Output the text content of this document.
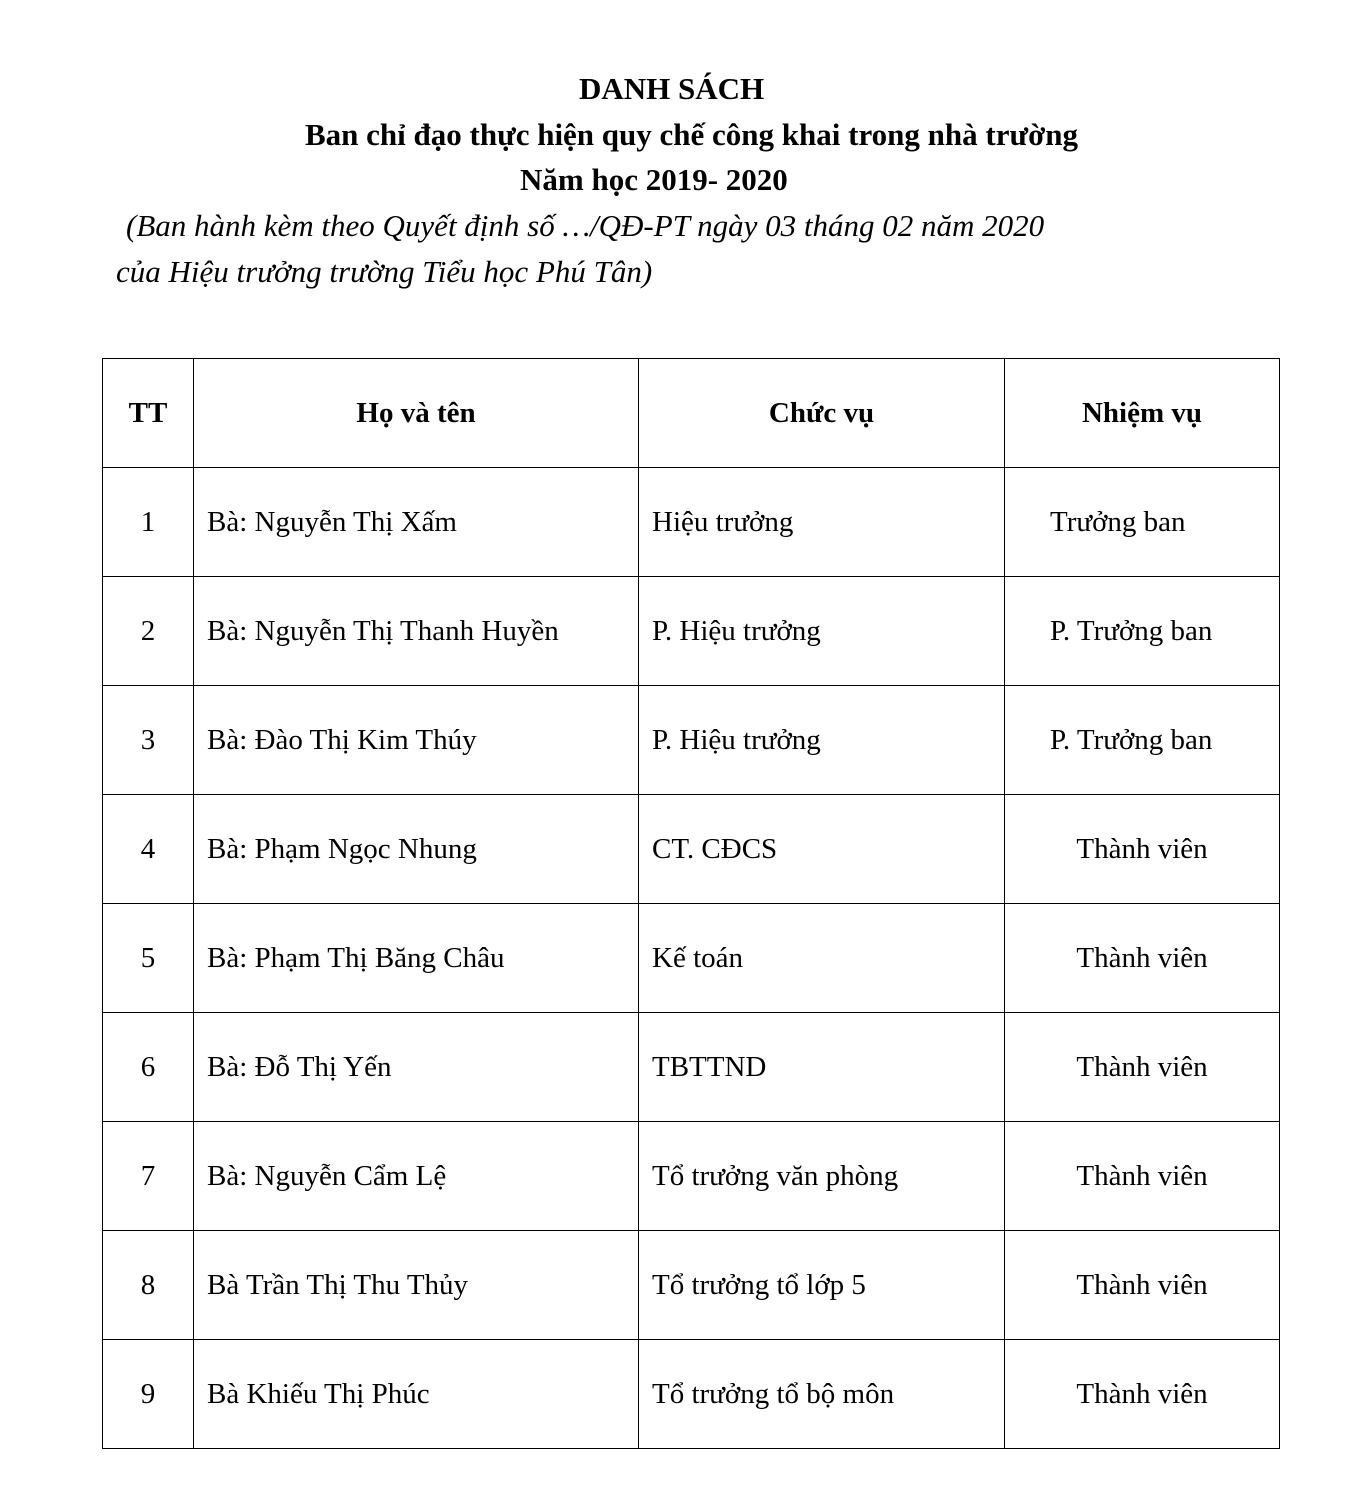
DANH SÁCH
Ban chỉ đạo thực hiện quy chế công khai trong nhà trường
Năm học 2019- 2020
(Ban hành kèm theo Quyết định số …/QĐ-PT ngày 03 tháng 02 năm 2020
của Hiệu trưởng trường Tiểu học Phú Tân)
TT	Họ và tên	Chức vụ	Nhiệm vụ
1	Bà: Nguyễn Thị Xấm	Hiệu trưởng	Trưởng ban
2	Bà: Nguyễn Thị Thanh Huyền	P. Hiệu trưởng	P. Trưởng ban
3	Bà: Đào Thị Kim Thúy	P. Hiệu trưởng	P. Trưởng ban
4	Bà: Phạm Ngọc Nhung	CT. CĐCS	Thành viên
5	Bà: Phạm Thị Băng Châu	Kế toán	Thành viên
6	Bà: Đỗ Thị Yến	TBTTND	Thành viên
7	Bà: Nguyễn Cẩm Lệ	Tổ trưởng văn phòng	Thành viên
8	Bà Trần Thị Thu Thủy	Tổ trưởng tổ lớp 5	Thành viên
9	Bà Khiếu Thị Phúc	Tổ trưởng tổ bộ môn	Thành viên
